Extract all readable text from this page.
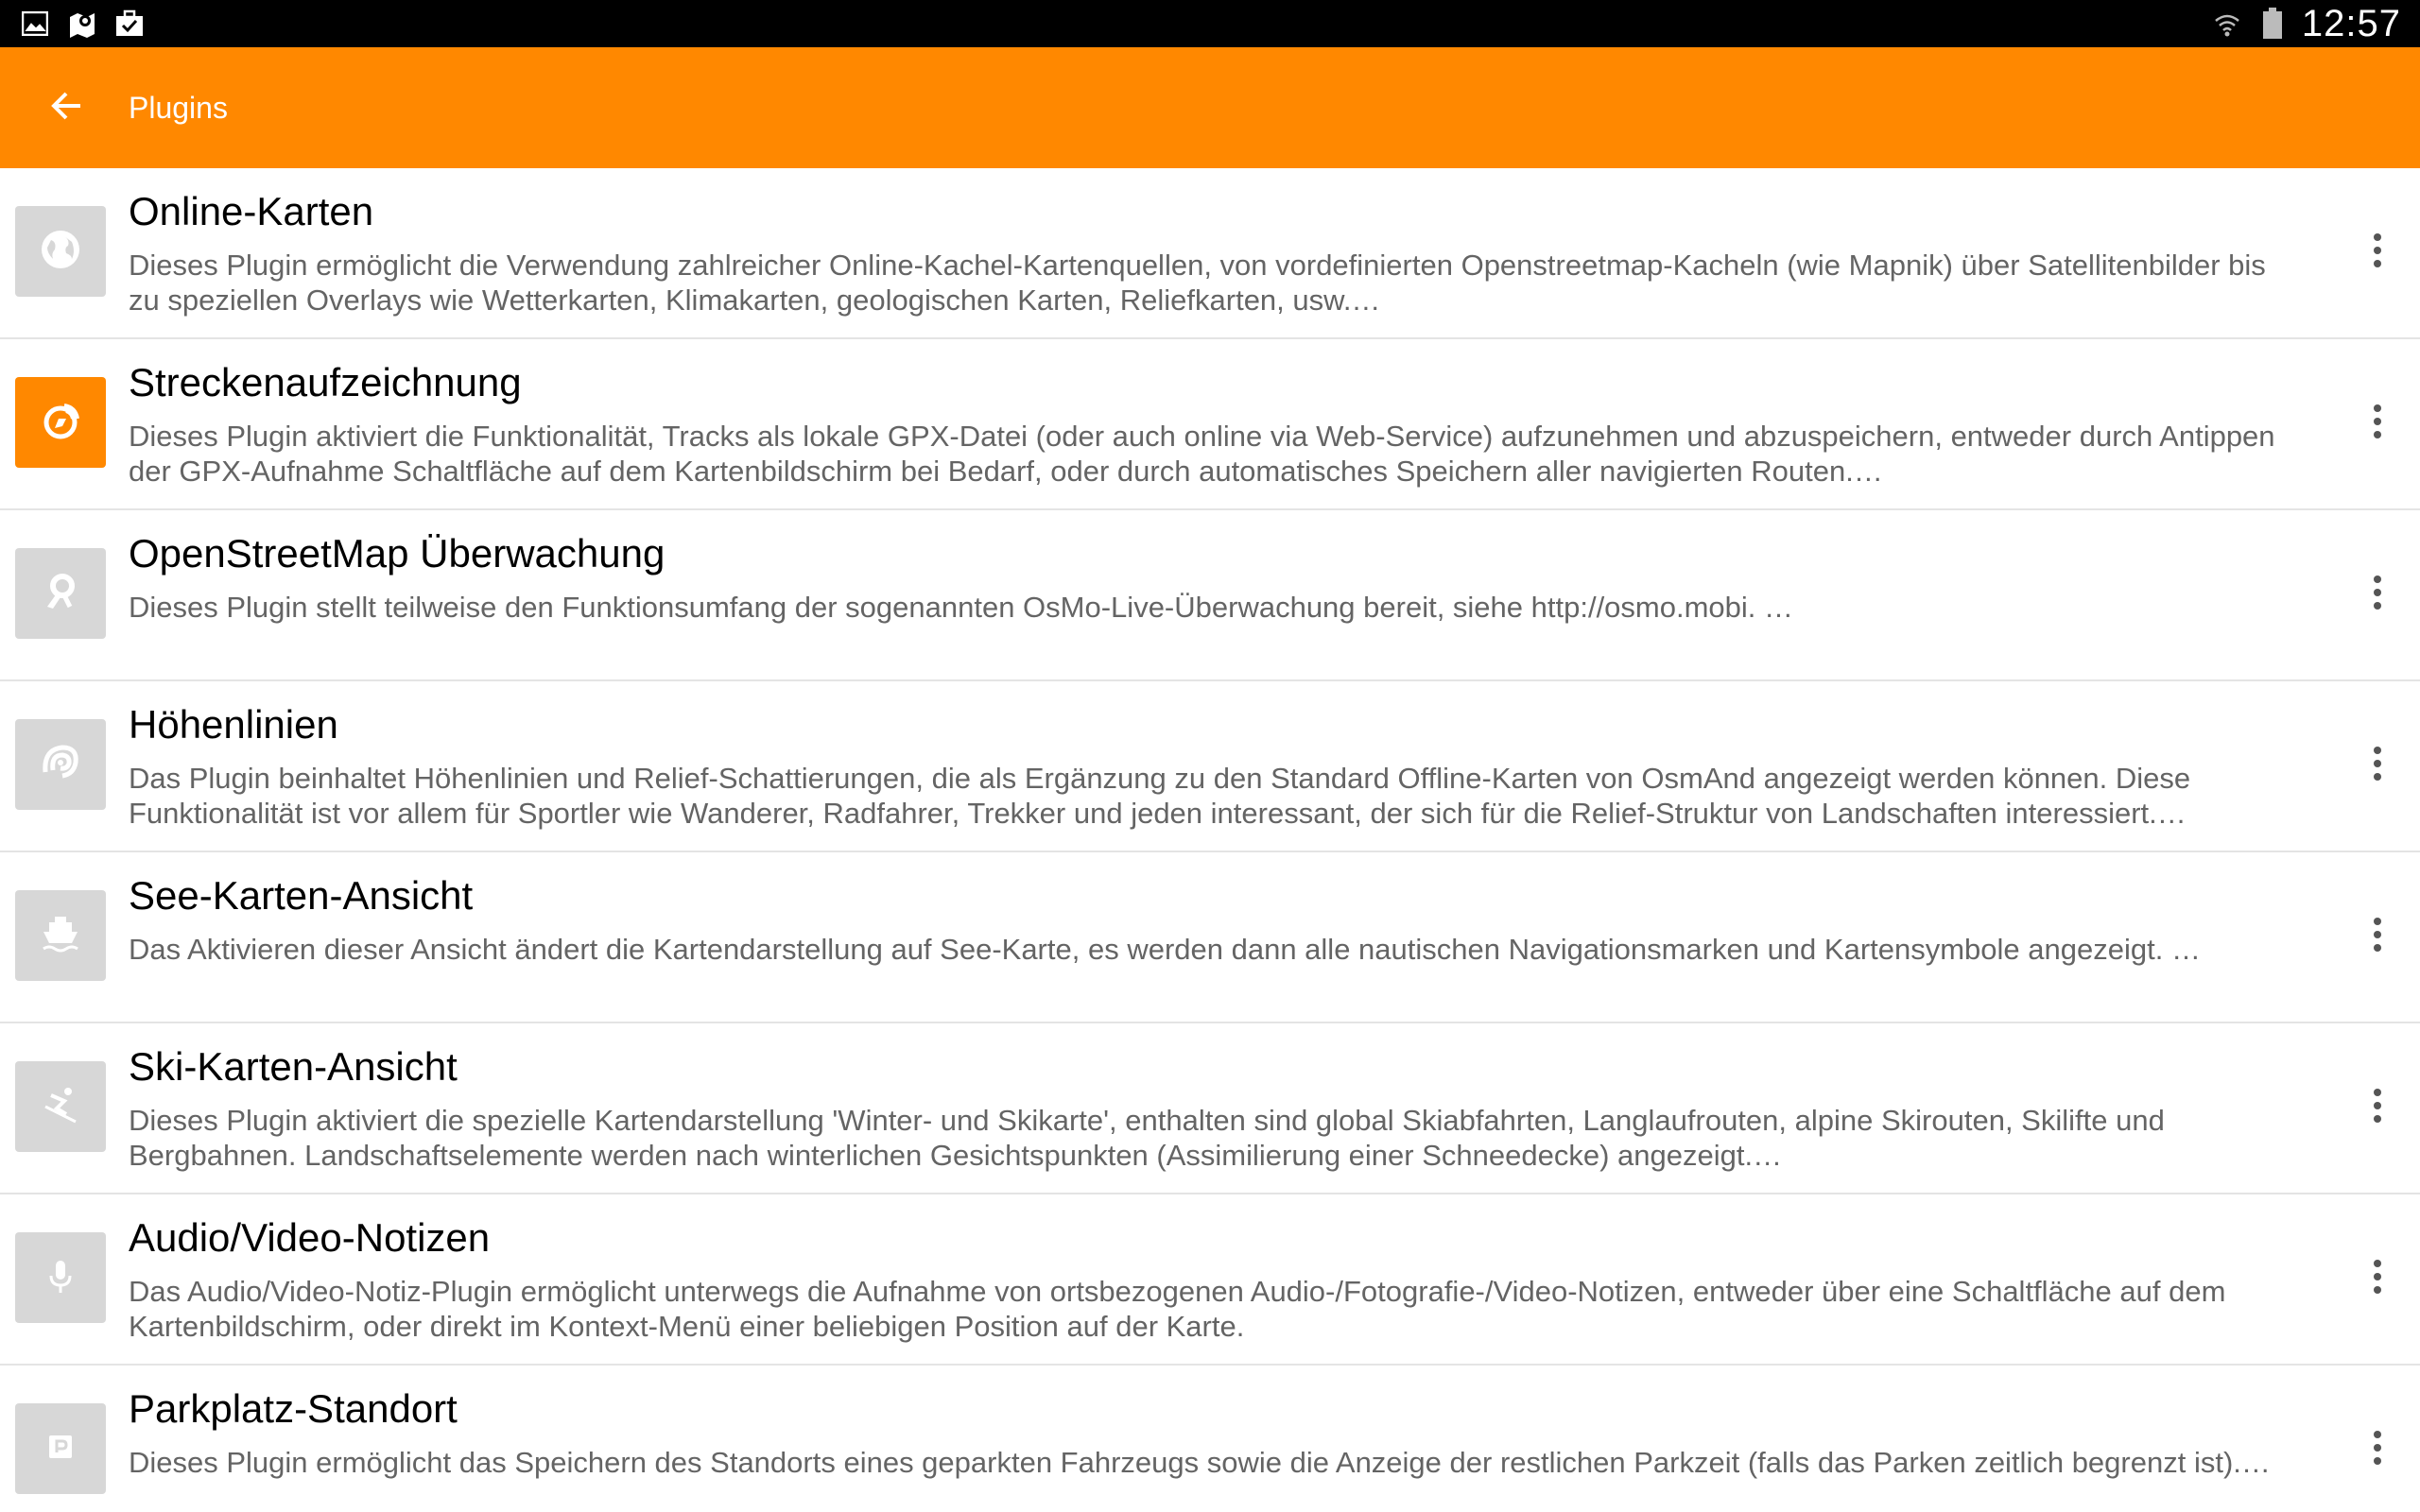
12:57
Plugins
Online-Karten
Dieses Plugin ermöglicht die Verwendung zahlreicher Online-Kachel-Kartenquellen, von vordefinierten Openstreetmap-Kacheln (wie Mapnik) über Satellitenbilder bis zu speziellen Overlays wie Wetterkarten, Klimakarten, geologischen Karten, Reliefkarten, usw.…
Streckenaufzeichnung
Dieses Plugin aktiviert die Funktionalität, Tracks als lokale GPX-Datei (oder auch online via Web-Service) aufzunehmen und abzuspeichern, entweder durch Antippen der GPX-Aufnahme Schaltfläche auf dem Kartenbildschirm bei Bedarf, oder durch automatisches Speichern aller navigierten Routen.…
OpenStreetMap Überwachung
Dieses Plugin stellt teilweise den Funktionsumfang der sogenannten OsMo-Live-Überwachung bereit, siehe http://osmo.mobi. …
Höhenlinien
Das Plugin beinhaltet Höhenlinien und Relief-Schattierungen, die als Ergänzung zu den Standard Offline-Karten von OsmAnd angezeigt werden können. Diese Funktionalität ist vor allem für Sportler wie Wanderer, Radfahrer, Trekker und jeden interessant, der sich für die Relief-Struktur von Landschaften interessiert.…
See-Karten-Ansicht
Das Aktivieren dieser Ansicht ändert die Kartendarstellung auf See-Karte, es werden dann alle nautischen Navigationsmarken und Kartensymbole angezeigt. …
Ski-Karten-Ansicht
Dieses Plugin aktiviert die spezielle Kartendarstellung 'Winter- und Skikarte', enthalten sind global Skiabfahrten, Langlaufrouten, alpine Skirouten, Skilifte und Bergbahnen. Landschaftselemente werden nach winterlichen Gesichtspunkten (Assimilierung einer Schneedecke) angezeigt.…
Audio/Video-Notizen
Das Audio/Video-Notiz-Plugin ermöglicht unterwegs die Aufnahme von ortsbezogenen Audio-/Fotografie-/Video-Notizen, entweder über eine Schaltfläche auf dem Kartenbildschirm, oder direkt im Kontext-Menü einer beliebigen Position auf der Karte.
Parkplatz-Standort
Dieses Plugin ermöglicht das Speichern des Standorts eines geparkten Fahrzeugs sowie die Anzeige der restlichen Parkzeit (falls das Parken zeitlich begrenzt ist).…
